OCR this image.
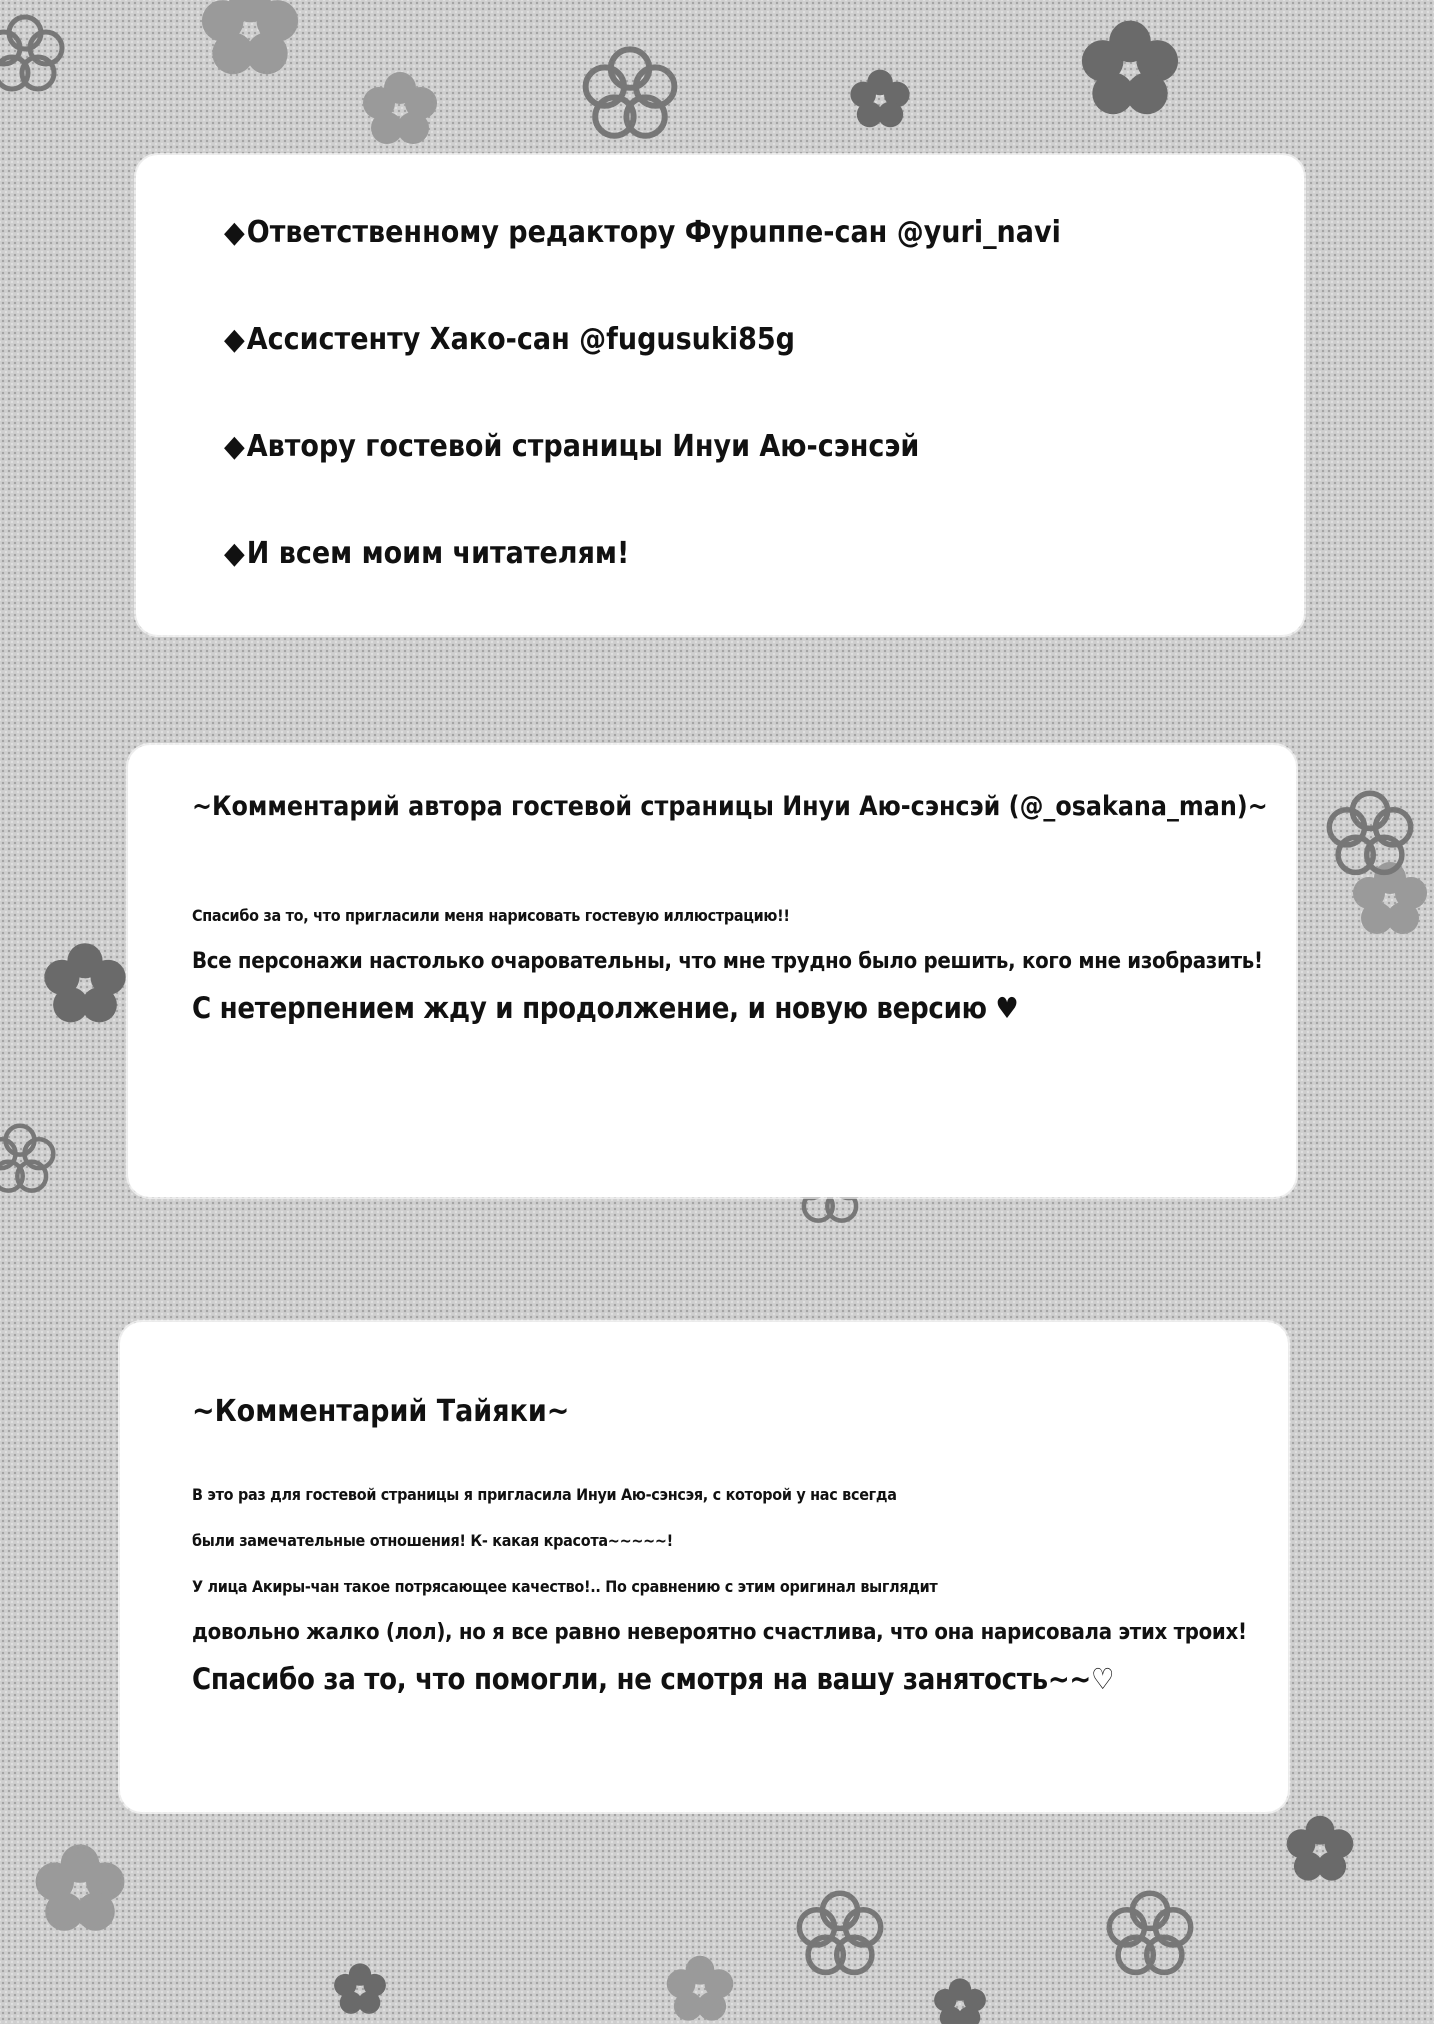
◆ Ответственному редактору Фурuппе-сан @yuri_navi
◆ Ассистенту Хако-сан @fugusuki85g
◆ Автору гостевой страницы Инуи Аю-сэнсэй
◆ И всем моим читателям!
~Комментарий автора гостевой страницы Инуи Аю-сэнсэй (@_osakana_man)~
Спасибо за то, что пригласили меня нарисовать гостевую иллюстрацию!!
Все персонажи настолько очаровательны, что мне трудно было решить, кого мне изобразить!
С нетерпением жду и продолжение, и новую версию ♥
~Комментарий Тайяки~
В это раз для гостевой страницы я пригласила Инуи Аю-сэнсэя, с которой у нас всегда
были замечательные отношения! К- какая красота~~~~~!
У лица Акиры-чан такое потрясающее качество!.. По сравнению с этим оригинал выглядит
довольно жалко (лол), но я все равно невероятно счастлива, что она нарисовала этих троих!
Спасибо за то, что помогли, не смотря на вашу занятость~~♡
